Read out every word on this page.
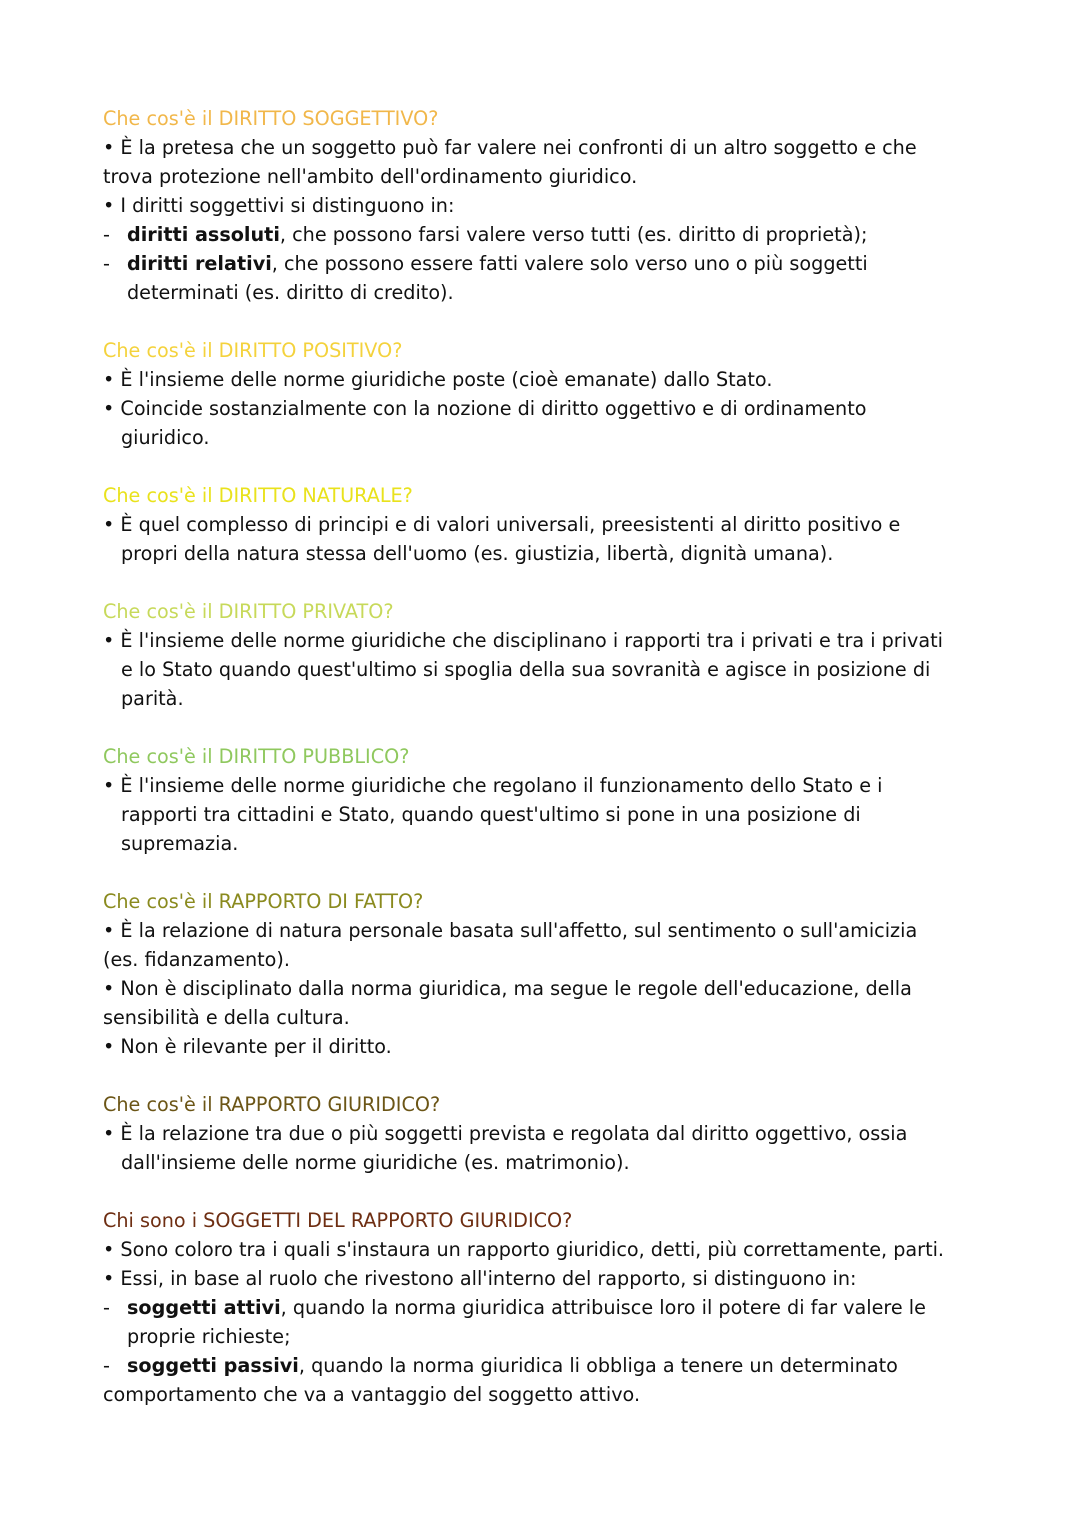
Che cos'è il DIRITTO SOGGETTIVO?
• È la pretesa che un soggetto può far valere nei confronti di un altro soggetto e che
trova protezione nell'ambito dell'ordinamento giuridico.
• I diritti soggettivi si distinguono in:
- diritti assoluti, che possono farsi valere verso tutti (es. diritto di proprietà);
- diritti relativi, che possono essere fatti valere solo verso uno o più soggetti
determinati (es. diritto di credito).
Che cos'è il DIRITTO POSITIVO?
• È l'insieme delle norme giuridiche poste (cioè emanate) dallo Stato.
• Coincide sostanzialmente con la nozione di diritto oggettivo e di ordinamento
giuridico.
Che cos'è il DIRITTO NATURALE?
• È quel complesso di principi e di valori universali, preesistenti al diritto positivo e
propri della natura stessa dell'uomo (es. giustizia, libertà, dignità umana).
Che cos'è il DIRITTO PRIVATO?
• È l'insieme delle norme giuridiche che disciplinano i rapporti tra i privati e tra i privati
e lo Stato quando quest'ultimo si spoglia della sua sovranità e agisce in posizione di
parità.
Che cos'è il DIRITTO PUBBLICO?
• È l'insieme delle norme giuridiche che regolano il funzionamento dello Stato e i
rapporti tra cittadini e Stato, quando quest'ultimo si pone in una posizione di
supremazia.
Che cos'è il RAPPORTO DI FATTO?
• È la relazione di natura personale basata sull'affetto, sul sentimento o sull'amicizia
(es. fidanzamento).
• Non è disciplinato dalla norma giuridica, ma segue le regole dell'educazione, della
sensibilità e della cultura.
• Non è rilevante per il diritto.
Che cos'è il RAPPORTO GIURIDICO?
• È la relazione tra due o più soggetti prevista e regolata dal diritto oggettivo, ossia
dall'insieme delle norme giuridiche (es. matrimonio).
Chi sono i SOGGETTI DEL RAPPORTO GIURIDICO?
• Sono coloro tra i quali s'instaura un rapporto giuridico, detti, più correttamente, parti.
• Essi, in base al ruolo che rivestono all'interno del rapporto, si distinguono in:
- soggetti attivi, quando la norma giuridica attribuisce loro il potere di far valere le
proprie richieste;
- soggetti passivi, quando la norma giuridica li obbliga a tenere un determinato
comportamento che va a vantaggio del soggetto attivo.
